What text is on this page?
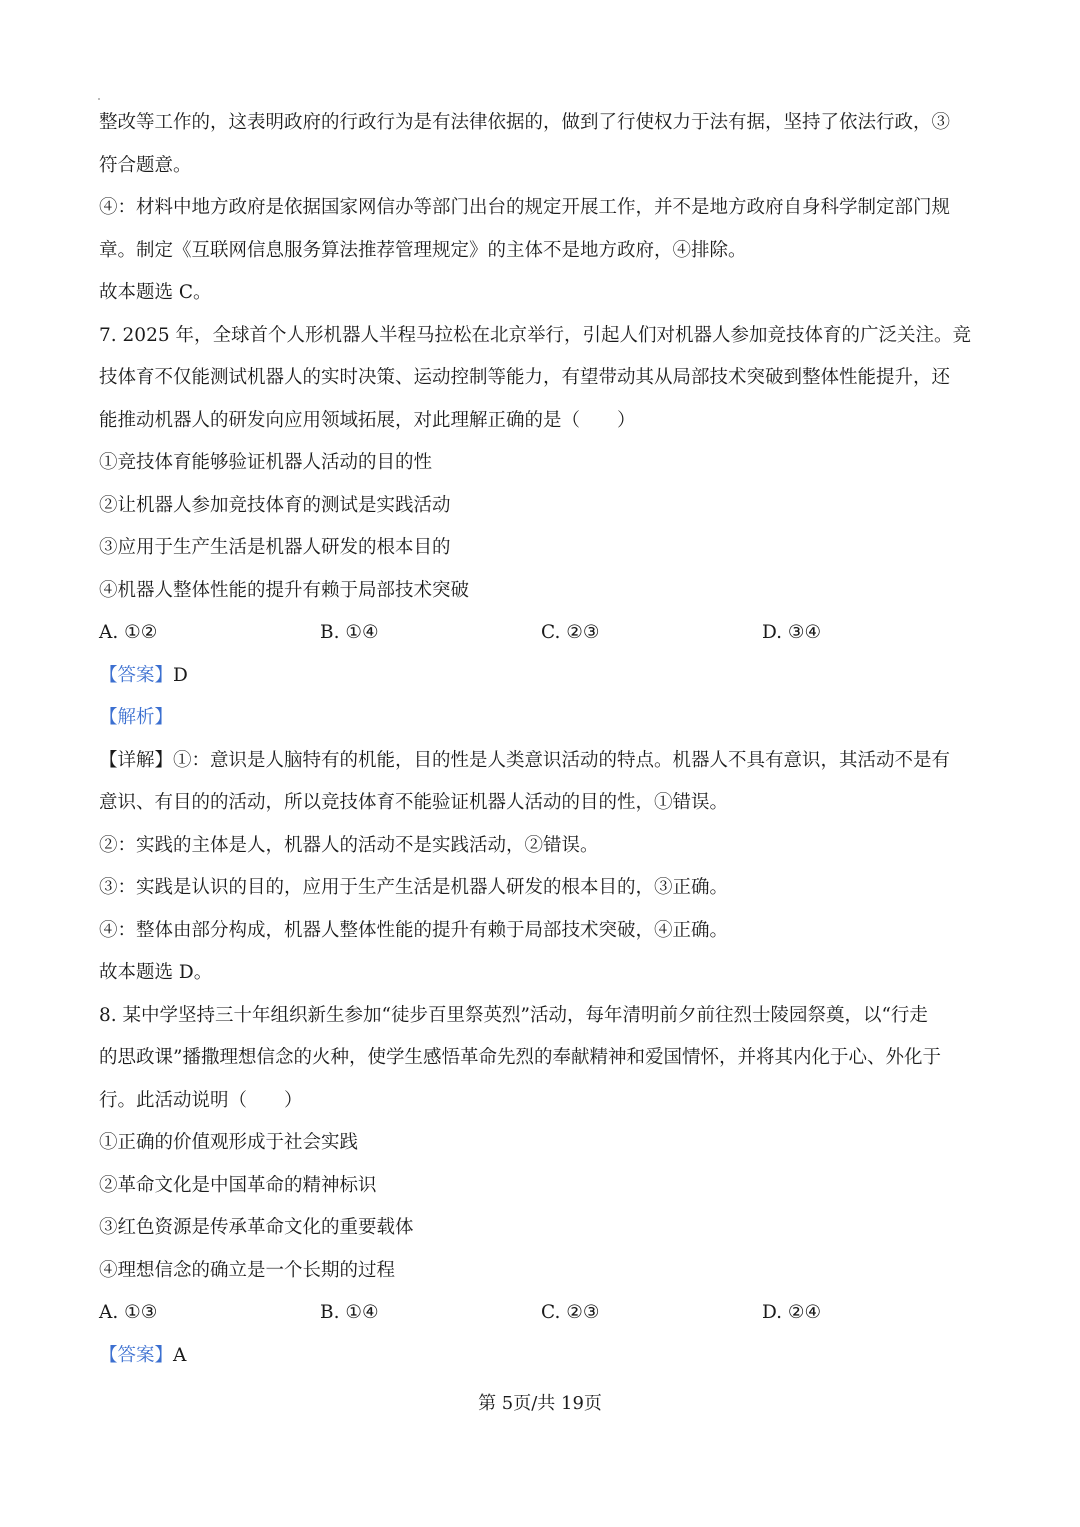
整改等工作的，这表明政府的行政行为是有法律依据的，做到了行使权力于法有据，坚持了依法行政，③
符合题意。
④：材料中地方政府是依据国家网信办等部门出台的规定开展工作，并不是地方政府自身科学制定部门规
章。制定《互联网信息服务算法推荐管理规定》的主体不是地方政府，④排除。
故本题选 C。
7. 2025 年，全球首个人形机器人半程马拉松在北京举行，引起人们对机器人参加竞技体育的广泛关注。竞
技体育不仅能测试机器人的实时决策、运动控制等能力，有望带动其从局部技术突破到整体性能提升，还
能推动机器人的研发向应用领域拓展，对此理解正确的是（　　）
①竞技体育能够验证机器人活动的目的性
②让机器人参加竞技体育的测试是实践活动
③应用于生产生活是机器人研发的根本目的
④机器人整体性能的提升有赖于局部技术突破
A. ①②	B. ①④	C. ②③	D. ③④
【答案】D
【解析】
【详解】①：意识是人脑特有的机能，目的性是人类意识活动的特点。机器人不具有意识，其活动不是有
意识、有目的的活动，所以竞技体育不能验证机器人活动的目的性，①错误。
②：实践的主体是人，机器人的活动不是实践活动，②错误。
③：实践是认识的目的，应用于生产生活是机器人研发的根本目的，③正确。
④：整体由部分构成，机器人整体性能的提升有赖于局部技术突破，④正确。
故本题选 D。
8. 某中学坚持三十年组织新生参加“徒步百里祭英烈”活动，每年清明前夕前往烈士陵园祭奠，以“行走
的思政课”播撒理想信念的火种，使学生感悟革命先烈的奉献精神和爱国情怀，并将其内化于心、外化于
行。此活动说明（　　）
①正确的价值观形成于社会实践
②革命文化是中国革命的精神标识
③红色资源是传承革命文化的重要载体
④理想信念的确立是一个长期的过程
A. ①③	B. ①④	C. ②③	D. ②④
【答案】A
第 5页/共 19页
